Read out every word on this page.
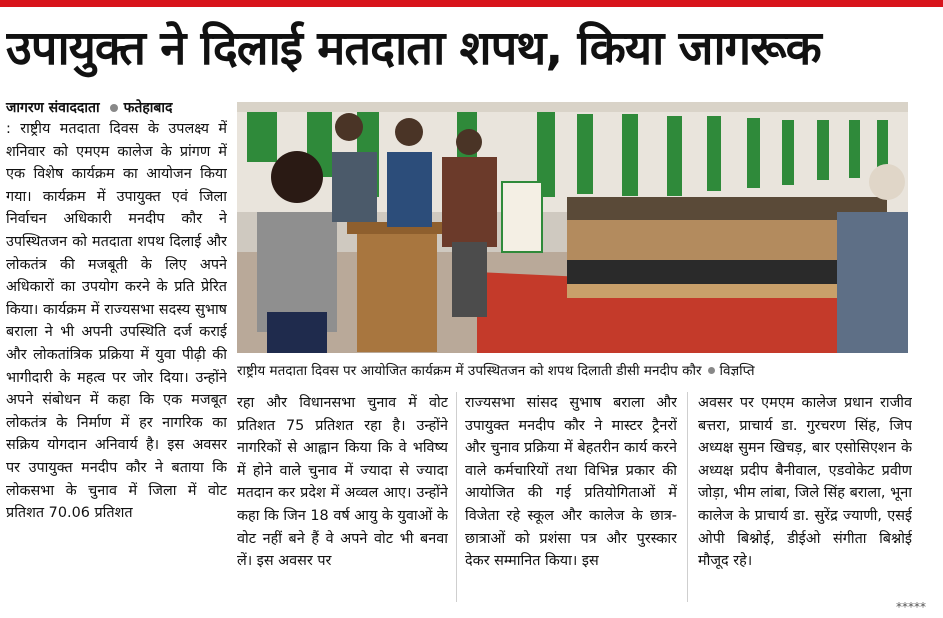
उपायुक्त ने दिलाई मतदाता शपथ, किया जागरूक
जागरण संवाददाता फतेहाबाद
: राष्ट्रीय मतदाता दिवस के उपलक्ष्य में शनिवार को एमएम कालेज के प्रांगण में एक विशेष कार्यक्रम का आयोजन किया गया। कार्यक्रम में उपायुक्त एवं जिला निर्वाचन अधिकारी मनदीप कौर ने उपस्थितजन को मतदाता शपथ दिलाई और लोकतंत्र की मजबूती के लिए अपने अधिकारों का उपयोग करने के प्रति प्रेरित किया। कार्यक्रम में राज्यसभा सदस्य सुभाष बराला ने भी अपनी उपस्थिति दर्ज कराई और लोकतांत्रिक प्रक्रिया में युवा पीढ़ी की भागीदारी के महत्व पर जोर दिया। उन्होंने अपने संबोधन में कहा कि एक मजबूत लोकतंत्र के निर्माण में हर नागरिक का सक्रिय योगदान अनिवार्य है। इस अवसर पर उपायुक्त मनदीप कौर ने बताया कि लोकसभा के चुनाव में जिला में वोट प्रतिशत 70.06 प्रतिशत
राष्ट्रीय मतदाता दिवस पर आयोजित कार्यक्रम में उपस्थितजन को शपथ दिलाती डीसी मनदीप कौर विज्ञप्ति
रहा और विधानसभा चुनाव में वोट प्रतिशत 75 प्रतिशत रहा है। उन्होंने नागरिकों से आह्वान किया कि वे भविष्य में होने वाले चुनाव में ज्यादा से ज्यादा मतदान कर प्रदेश में अव्वल आए। उन्होंने कहा कि जिन 18 वर्ष आयु के युवाओं के वोट नहीं बने हैं वे अपने वोट भी बनवा लें। इस अवसर पर
राज्यसभा सांसद सुभाष बराला और उपायुक्त मनदीप कौर ने मास्टर ट्रैनरों और चुनाव प्रक्रिया में बेहतरीन कार्य करने वाले कर्मचारियों तथा विभिन्न प्रकार की आयोजित की गई प्रतियोगिताओं में विजेता रहे स्कूल और कालेज के छात्र-छात्राओं को प्रशंसा पत्र और पुरस्कार देकर सम्मानित किया। इस
अवसर पर एमएम कालेज प्रधान राजीव बत्तरा, प्राचार्य डा. गुरचरण सिंह, जिप अध्यक्ष सुमन खिचड़, बार एसोसिएशन के अध्यक्ष प्रदीप बैनीवाल, एडवोकेट प्रवीण जोड़ा, भीम लांबा, जिले सिंह बराला, भूना कालेज के प्राचार्य डा. सुरेंद्र ज्याणी, एसई ओपी बिश्नोई, डीईओ संगीता बिश्नोई मौजूद रहे।
*****
